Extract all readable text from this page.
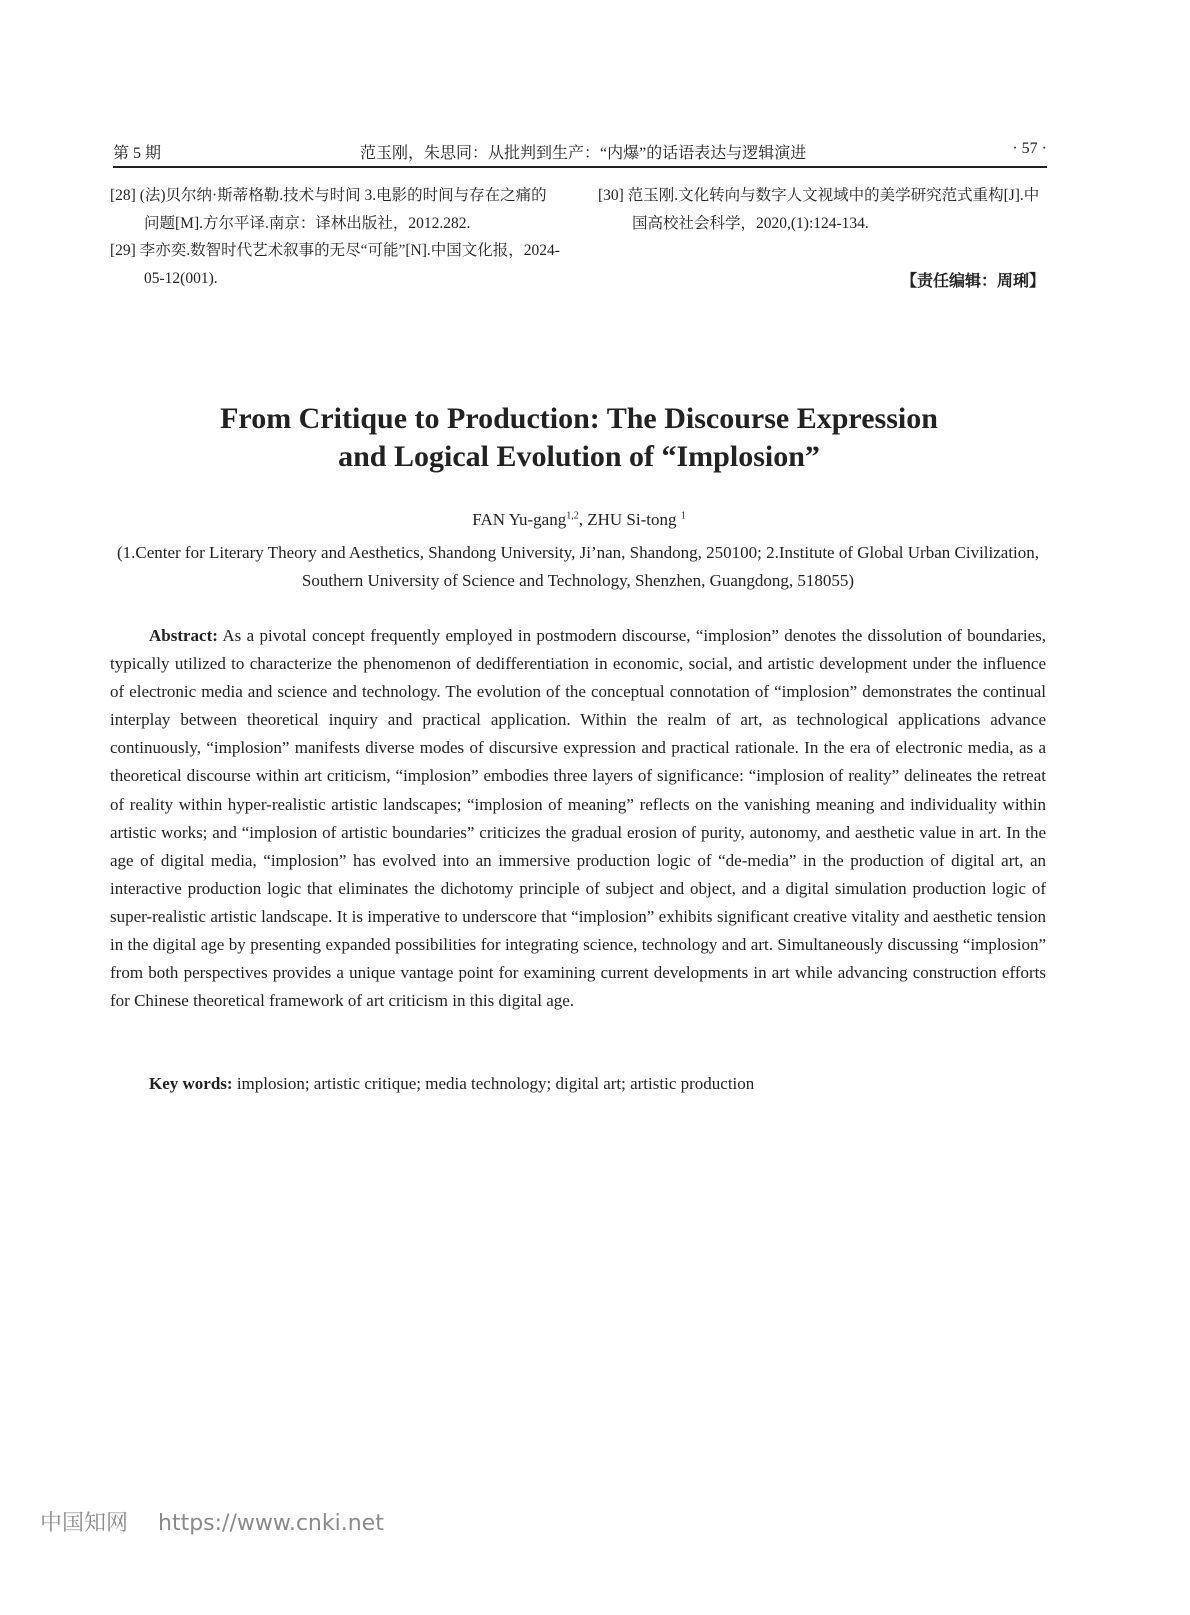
第 5 期	范玉刚，朱思同：从批判到生产：“内爆”的话语表达与逻辑演进	· 57 ·
[28] (法)贝尔纳·斯蒂格勒.技术与时间 3.电影的时间与存在之痛的问题[M].方尔平译.南京：译林出版社，2012.282.
[29] 李亦奕.数智时代艺术叙事的无尽“可能”[N].中国文化报，2024-05-12(001).
[30] 范玉刚.文化转向与数字人文视域中的美学研究范式重构[J].中国高校社会科学，2020,(1):124-134.
【责任编辑：周琍】
From Critique to Production: The Discourse Expression
and Logical Evolution of “Implosion”
FAN Yu-gang$^{1,2}$, ZHU Si-tong $^1$
(1.Center for Literary Theory and Aesthetics, Shandong University, Ji’nan, Shandong, 250100; 2.Institute of Global Urban Civilization, Southern University of Science and Technology, Shenzhen, Guangdong, 518055)
Abstract: As a pivotal concept frequently employed in postmodern discourse, “implosion” denotes the dissolution of boundaries, typically utilized to characterize the phenomenon of dedifferentiation in economic, social, and artistic development under the influence of electronic media and science and technology. The evolution of the conceptual connotation of “implosion” demonstrates the continual interplay between theoretical inquiry and practical application. Within the realm of art, as technological applications advance continuously, “implosion” manifests diverse modes of discursive expression and practical rationale. In the era of electronic media, as a theoretical discourse within art criticism, “implosion” embodies three layers of significance: “implosion of reality” delineates the retreat of reality within hyper-realistic artistic landscapes; “implosion of meaning” reflects on the vanishing meaning and individuality within artistic works; and “implosion of artistic boundaries” criticizes the gradual erosion of purity, autonomy, and aesthetic value in art. In the age of digital media, “implosion” has evolved into an immersive production logic of “de-media” in the production of digital art, an interactive production logic that eliminates the dichotomy principle of subject and object, and a digital simulation production logic of super-realistic artistic landscape. It is imperative to underscore that “implosion” exhibits significant creative vitality and aesthetic tension in the digital age by presenting expanded possibilities for integrating science, technology and art. Simultaneously discussing “implosion” from both perspectives provides a unique vantage point for examining current developments in art while advancing construction efforts for Chinese theoretical framework of art criticism in this digital age.
Key words: implosion; artistic critique; media technology; digital art; artistic production
中国知网 https://www.cnki.net
